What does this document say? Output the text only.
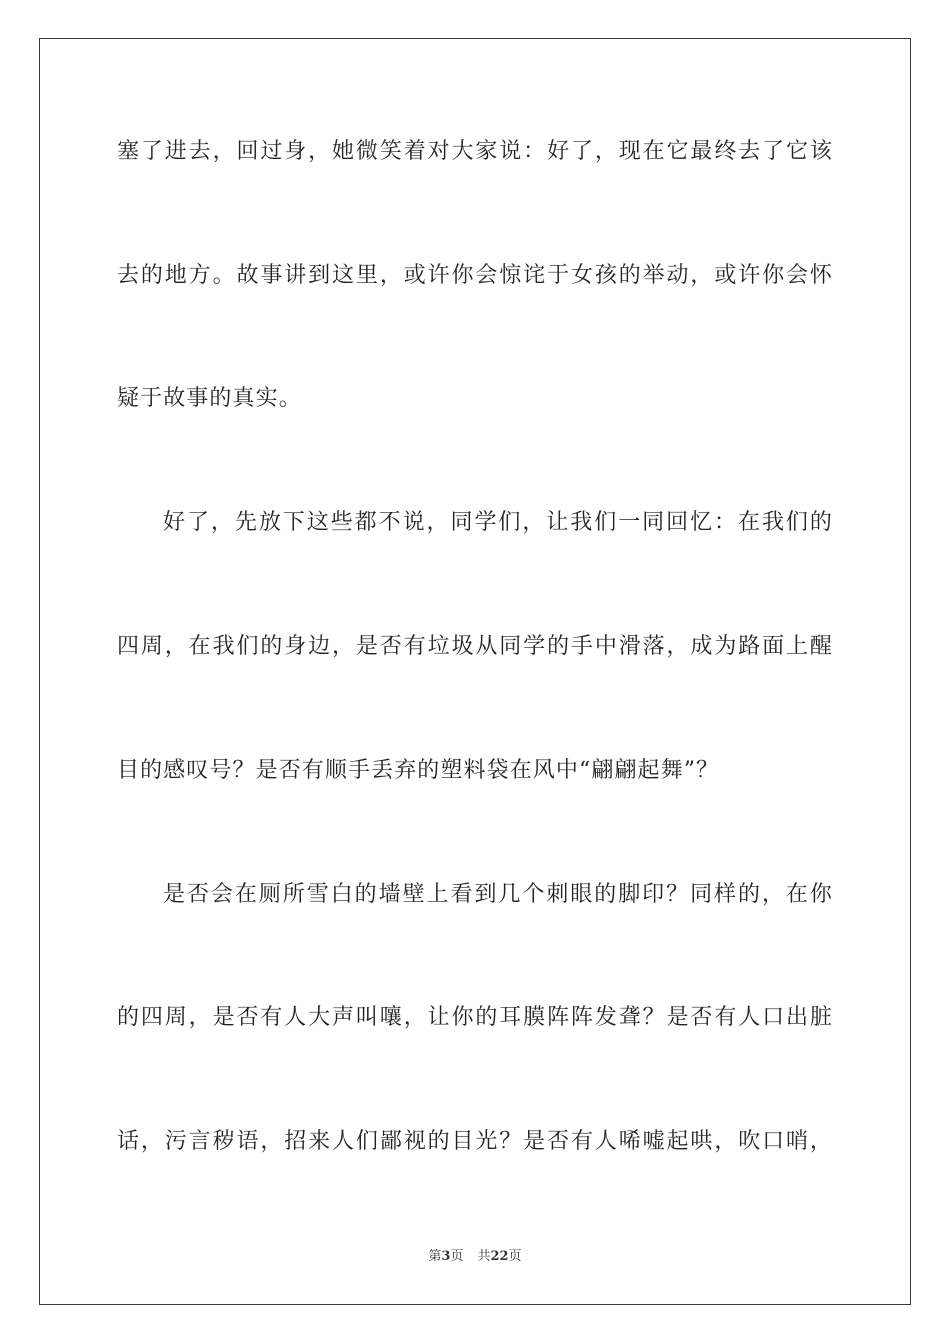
塞了进去，回过身，她微笑着对大家说：好了，现在它最终去了它该
去的地方。故事讲到这里，或许你会惊诧于女孩的举动，或许你会怀
疑于故事的真实。
好了，先放下这些都不说，同学们，让我们一同回忆：在我们的
四周，在我们的身边，是否有垃圾从同学的手中滑落，成为路面上醒
目的感叹号？是否有顺手丢弃的塑料袋在风中“翩翩起舞”？
是否会在厕所雪白的墙壁上看到几个刺眼的脚印？同样的，在你
的四周，是否有人大声叫嚷，让你的耳膜阵阵发聋？是否有人口出脏
话，污言秽语，招来人们鄙视的目光？是否有人唏嘘起哄，吹口哨，
第3页 共22页
